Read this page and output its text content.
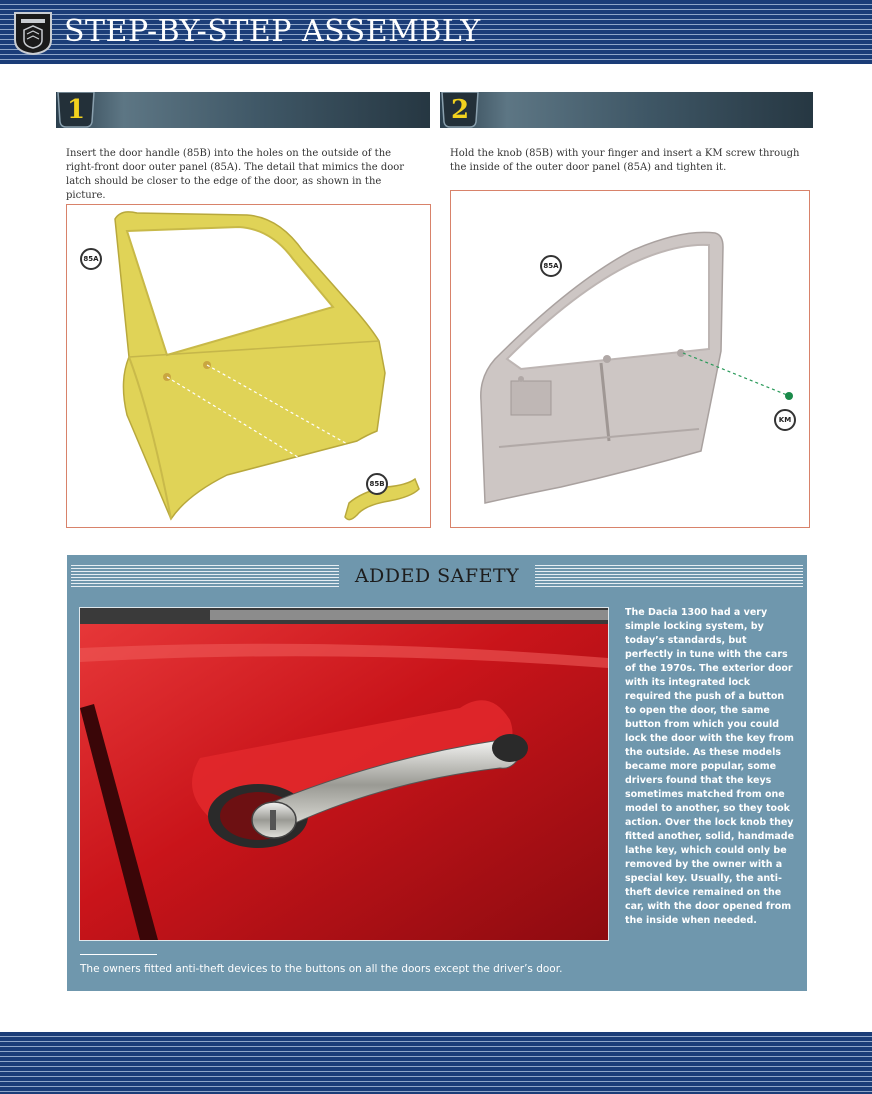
STEP-BY-STEP ASSEMBLY
1

Insert the door handle (85B) into the holes on the outside of the right-front door outer panel (85A). The detail that mimics the door latch should be closer to the edge of the door, as shown in the picture.

85A
85B
2

Hold the knob (85B) with your finger and insert a KM screw through the inside of the outer door panel (85A) and tighten it.

85A
KM
ADDED SAFETY

The Dacia 1300 had a very simple locking system, by today’s standards, but perfectly in tune with the cars of the 1970s. The exterior door with its integrated lock required the push of a button to open the door, the same button from which you could lock the door with the key from the outside. As these models became more popular, some drivers found that the keys sometimes matched from one model to another, so they took action. Over the lock knob they fitted another, solid, handmade lathe key, which could only be removed by the owner with a special key. Usually, the anti-theft device remained on the car, with the door opened from the inside when needed.

The owners fitted anti-theft devices to the buttons on all the doors except the driver’s door.
